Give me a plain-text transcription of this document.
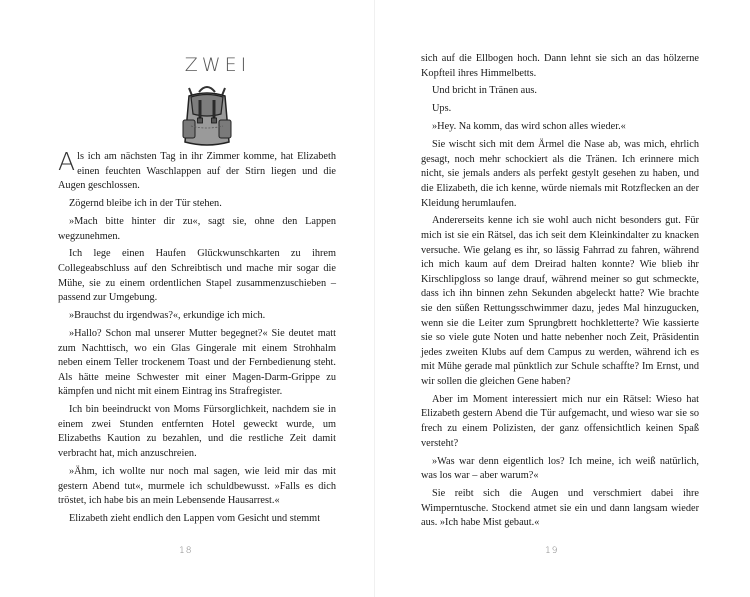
ZWEI

Als ich am nächsten Tag in ihr Zimmer komme, hat Elizabeth einen feuchten Waschlappen auf der Stirn liegen und die Augen geschlossen.

Zögernd bleibe ich in der Tür stehen.

»Mach bitte hinter dir zu«, sagt sie, ohne den Lappen wegzunehmen.

Ich lege einen Haufen Glückwunschkarten zu ihrem Collegeabschluss auf den Schreibtisch und mache mir sogar die Mühe, sie zu einem ordentlichen Stapel zusammenzuschieben – passend zur Umgebung.

»Brauchst du irgendwas?«, erkundige ich mich.

»Hallo? Schon mal unserer Mutter begegnet?« Sie deutet matt zum Nachttisch, wo ein Glas Gingerale mit einem Strohhalm neben einem Teller trockenem Toast und der Fernbedienung steht. Als hätte meine Schwester mit einer Magen-Darm-Grippe zu kämpfen und nicht mit einem Eintrag ins Strafregister.

Ich bin beeindruckt von Moms Fürsorglichkeit, nachdem sie in einem zwei Stunden entfernten Hotel geweckt wurde, um Elizabeths Kaution zu bezahlen, und die restliche Zeit damit verbracht hat, mich anzuschreien.

»Ähm, ich wollte nur noch mal sagen, wie leid mir das mit gestern Abend tut«, murmele ich schuldbewusst. »Falls es dich tröstet, ich habe bis an mein Lebensende Hausarrest.«

Elizabeth zieht endlich den Lappen vom Gesicht und stemmt

18

sich auf die Ellbogen hoch. Dann lehnt sie sich an das hölzerne Kopfteil ihres Himmelbetts.

Und bricht in Tränen aus.

Ups.

»Hey. Na komm, das wird schon alles wieder.«

Sie wischt sich mit dem Ärmel die Nase ab, was mich, ehrlich gesagt, noch mehr schockiert als die Tränen. Ich erinnere mich nicht, sie jemals anders als perfekt gestylt gesehen zu haben, und die Elizabeth, die ich kenne, würde niemals mit Rotzflecken an der Kleidung herumlaufen.

Andererseits kenne ich sie wohl auch nicht besonders gut. Für mich ist sie ein Rätsel, das ich seit dem Kleinkindalter zu knacken versuche. Wie gelang es ihr, so lässig Fahrrad zu fahren, während ich mich kaum auf dem Dreirad halten konnte? Wie blieb ihr Kirschlipgloss so lange drauf, während meiner so gut schmeckte, dass ich ihn binnen zehn Sekunden abgeleckt hatte? Wie brachte sie den süßen Rettungsschwimmer dazu, jedes Mal hinzugucken, wenn sie die Leiter zum Sprungbrett hochkletterte? Wie kassierte sie so viele gute Noten und hatte nebenher noch Zeit, Präsidentin jedes zweiten Klubs auf dem Campus zu werden, während ich es mit Mühe gerade mal pünktlich zur Schule schaffte? Im Ernst, und wir sollen die gleichen Gene haben?

Aber im Moment interessiert mich nur ein Rätsel: Wieso hat Elizabeth gestern Abend die Tür aufgemacht, und wieso war sie so frech zu einem Polizisten, der ganz offensichtlich keinen Spaß versteht?

»Was war denn eigentlich los? Ich meine, ich weiß natürlich, was los war – aber warum?«

Sie reibt sich die Augen und verschmiert dabei ihre Wimperntusche. Stockend atmet sie ein und dann langsam wieder aus. »Ich habe Mist gebaut.«

19
